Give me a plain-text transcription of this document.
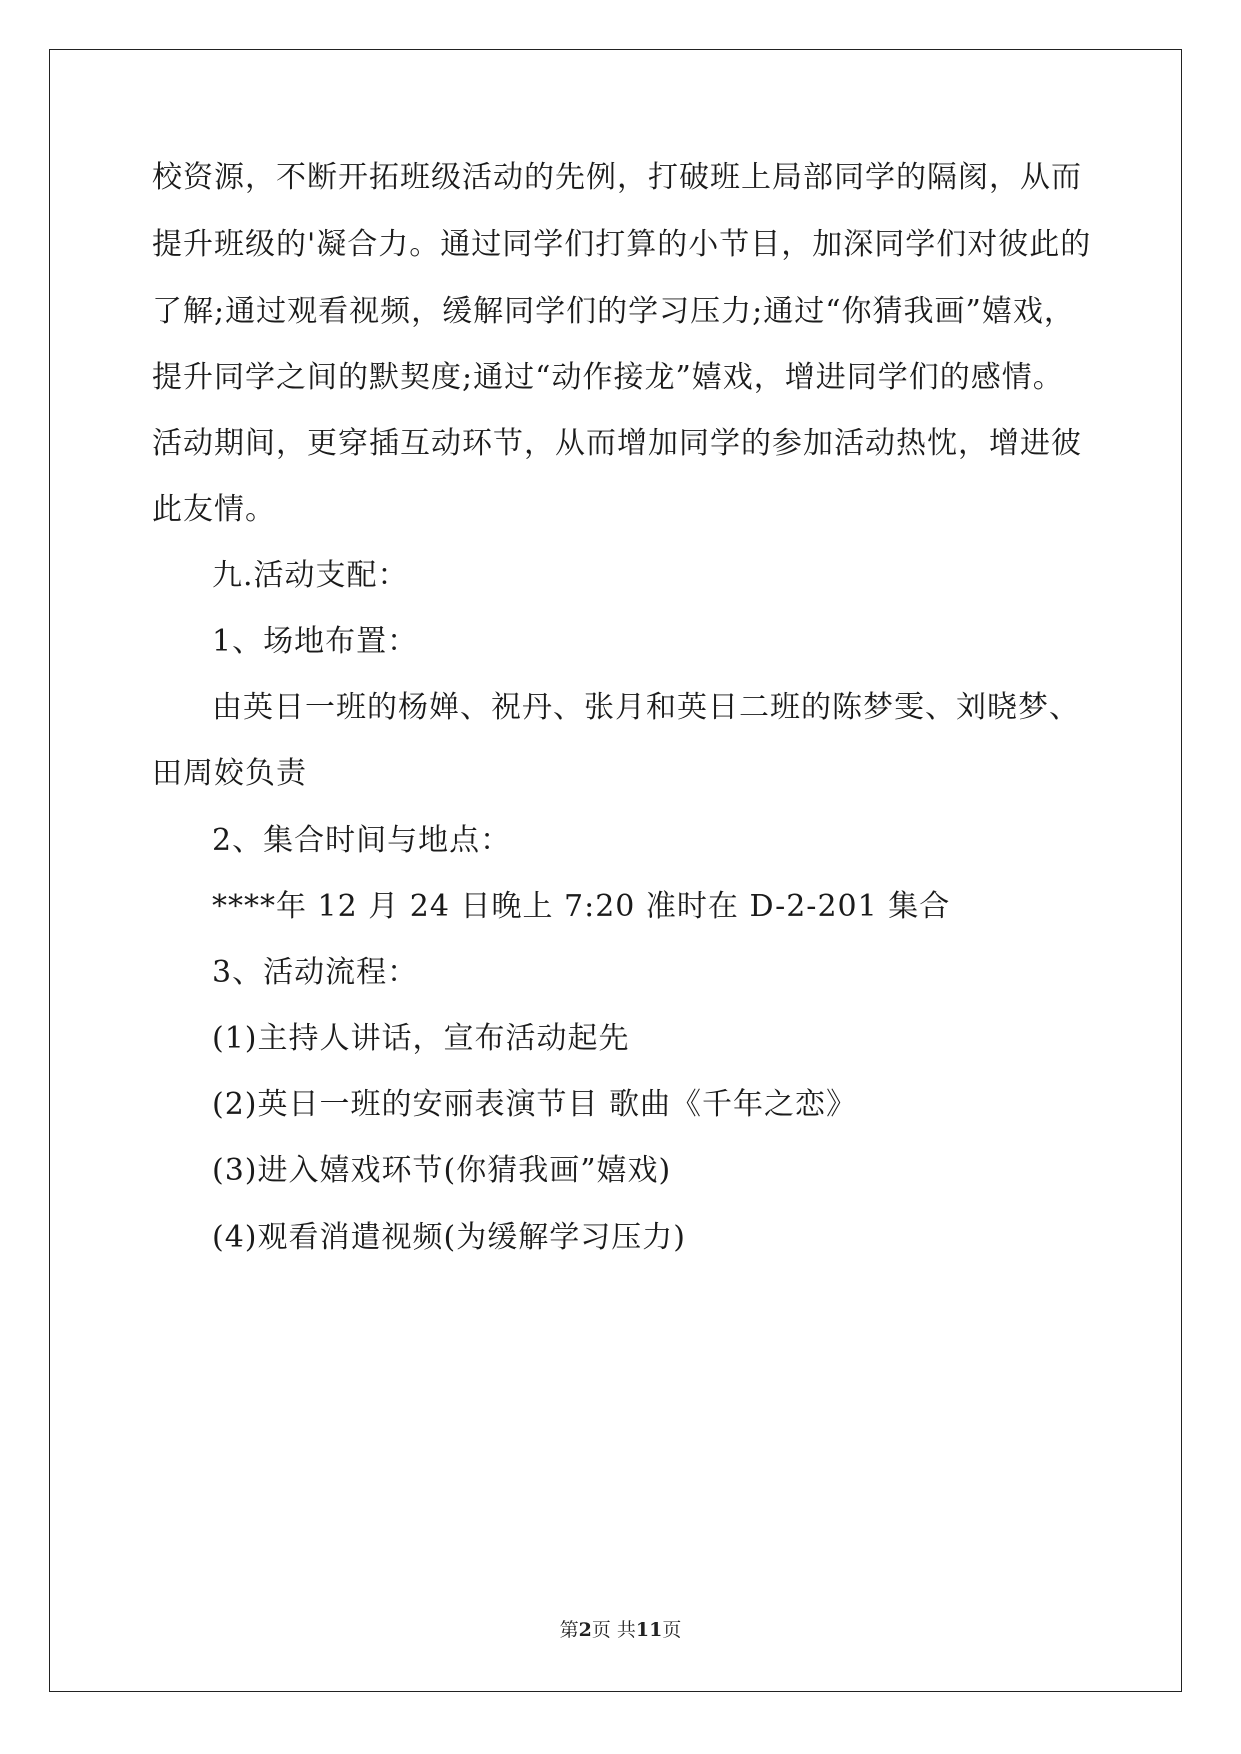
校资源，不断开拓班级活动的先例，打破班上局部同学的隔阂，从而
提升班级的'凝合力。通过同学们打算的小节目，加深同学们对彼此的
了解;通过观看视频，缓解同学们的学习压力;通过“你猜我画”嬉戏，
提升同学之间的默契度;通过“动作接龙”嬉戏，增进同学们的感情。
活动期间，更穿插互动环节，从而增加同学的参加活动热忱，增进彼
此友情。
九.活动支配：
1、场地布置：
由英日一班的杨婵、祝丹、张月和英日二班的陈梦雯、刘晓梦、
田周姣负责
2、集合时间与地点：
****年 12 月 24 日晚上 7:20 准时在 D-2-201 集合
3、活动流程：
(1)主持人讲话，宣布活动起先
(2)英日一班的安丽表演节目 歌曲《千年之恋》
(3)进入嬉戏环节(你猜我画”嬉戏)
(4)观看消遣视频(为缓解学习压力)
第2页 共11页
